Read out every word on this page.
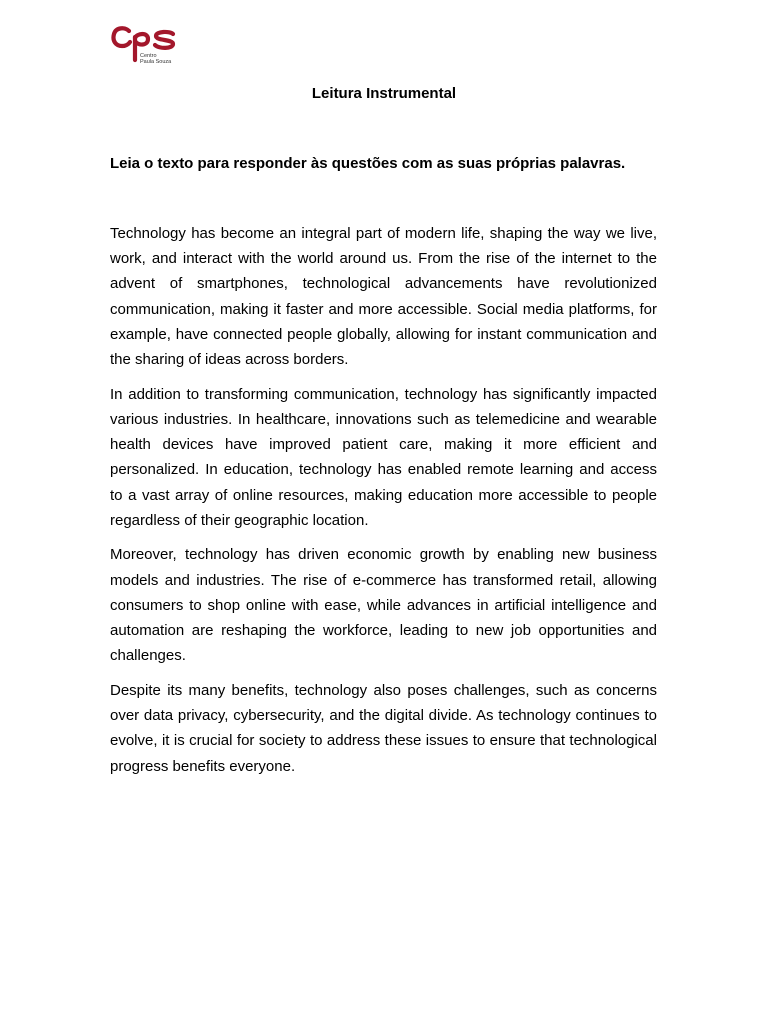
Centro
Paula Souza
Leitura Instrumental
Leia o texto para responder às questões com as suas próprias palavras.

Technology has become an integral part of modern life, shaping the way we live, work, and interact with the world around us. From the rise of the internet to the advent of smartphones, technological advancements have revolutionized communication, making it faster and more accessible. Social media platforms, for example, have connected people globally, allowing for instant communication and the sharing of ideas across borders.

In addition to transforming communication, technology has significantly impacted various industries. In healthcare, innovations such as telemedicine and wearable health devices have improved patient care, making it more efficient and personalized. In education, technology has enabled remote learning and access to a vast array of online resources, making education more accessible to people regardless of their geographic location.

Moreover, technology has driven economic growth by enabling new business models and industries. The rise of e-commerce has transformed retail, allowing consumers to shop online with ease, while advances in artificial intelligence and automation are reshaping the workforce, leading to new job opportunities and challenges.

Despite its many benefits, technology also poses challenges, such as concerns over data privacy, cybersecurity, and the digital divide. As technology continues to evolve, it is crucial for society to address these issues to ensure that technological progress benefits everyone.
